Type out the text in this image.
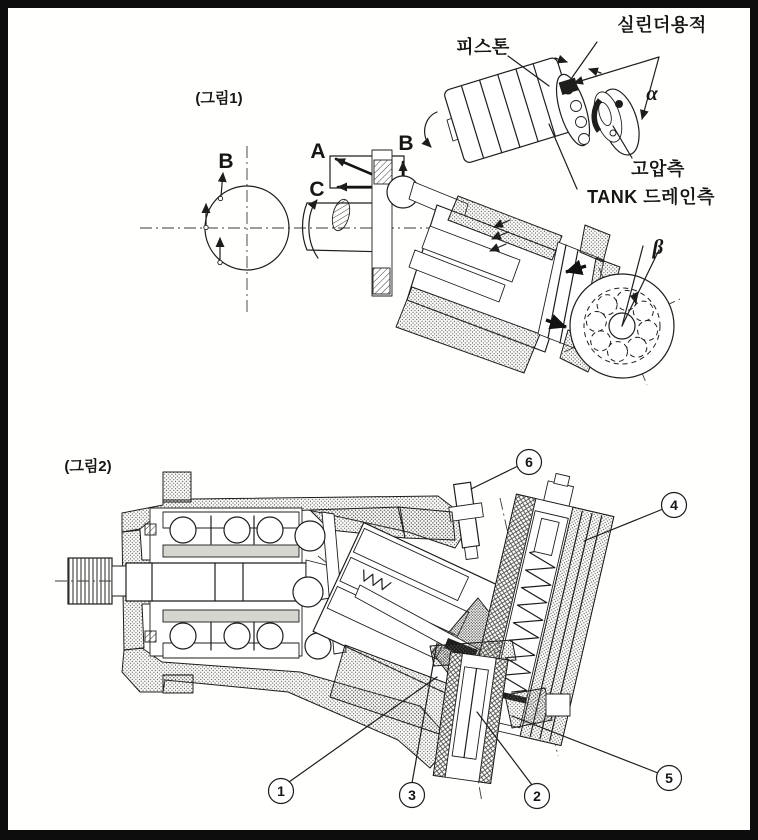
(그림1)
B	A	B
C
β
피스톤
실린더용적
α
고압측
TANK 드레인측
(그림2)
1	2
3
4
5
6
